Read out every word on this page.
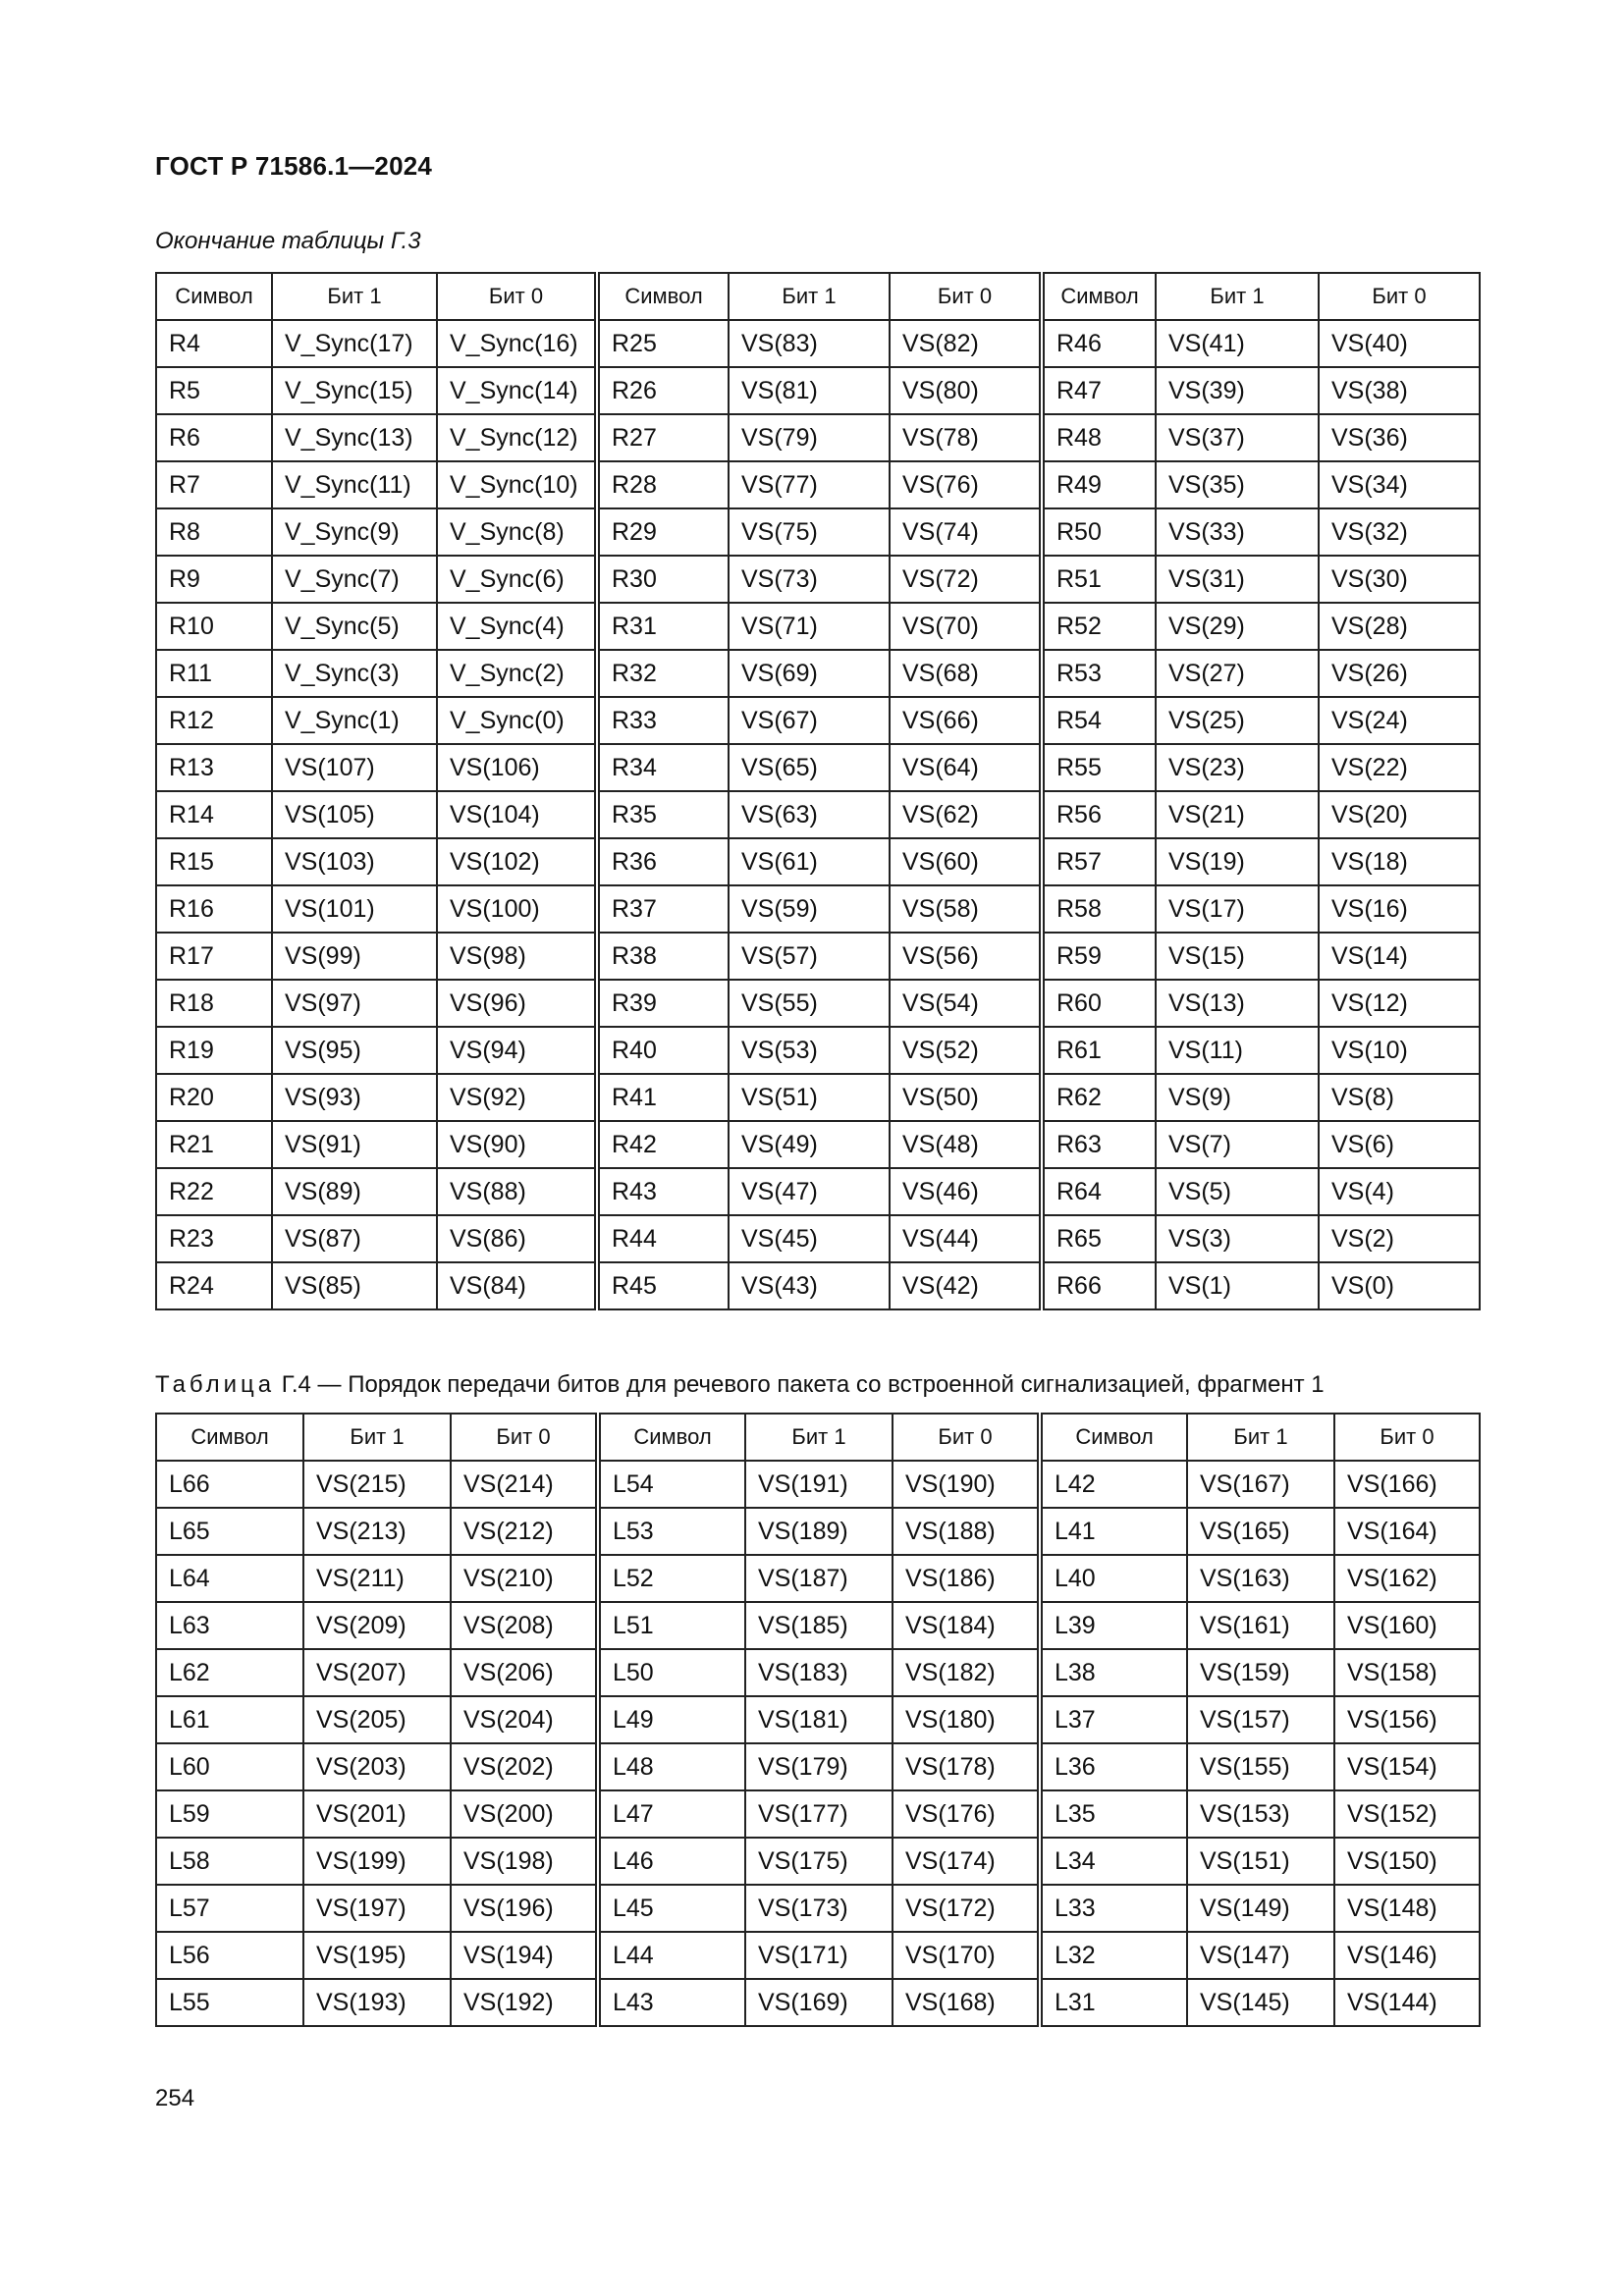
ГОСТ Р 71586.1—2024
Окончание таблицы Г.3
Символ	Бит 1	Бит 0	Символ	Бит 1	Бит 0	Символ	Бит 1	Бит 0
R4	V_Sync(17)	V_Sync(16)	R25	VS(83)	VS(82)	R46	VS(41)	VS(40)
R5	V_Sync(15)	V_Sync(14)	R26	VS(81)	VS(80)	R47	VS(39)	VS(38)
R6	V_Sync(13)	V_Sync(12)	R27	VS(79)	VS(78)	R48	VS(37)	VS(36)
R7	V_Sync(11)	V_Sync(10)	R28	VS(77)	VS(76)	R49	VS(35)	VS(34)
R8	V_Sync(9)	V_Sync(8)	R29	VS(75)	VS(74)	R50	VS(33)	VS(32)
R9	V_Sync(7)	V_Sync(6)	R30	VS(73)	VS(72)	R51	VS(31)	VS(30)
R10	V_Sync(5)	V_Sync(4)	R31	VS(71)	VS(70)	R52	VS(29)	VS(28)
R11	V_Sync(3)	V_Sync(2)	R32	VS(69)	VS(68)	R53	VS(27)	VS(26)
R12	V_Sync(1)	V_Sync(0)	R33	VS(67)	VS(66)	R54	VS(25)	VS(24)
R13	VS(107)	VS(106)	R34	VS(65)	VS(64)	R55	VS(23)	VS(22)
R14	VS(105)	VS(104)	R35	VS(63)	VS(62)	R56	VS(21)	VS(20)
R15	VS(103)	VS(102)	R36	VS(61)	VS(60)	R57	VS(19)	VS(18)
R16	VS(101)	VS(100)	R37	VS(59)	VS(58)	R58	VS(17)	VS(16)
R17	VS(99)	VS(98)	R38	VS(57)	VS(56)	R59	VS(15)	VS(14)
R18	VS(97)	VS(96)	R39	VS(55)	VS(54)	R60	VS(13)	VS(12)
R19	VS(95)	VS(94)	R40	VS(53)	VS(52)	R61	VS(11)	VS(10)
R20	VS(93)	VS(92)	R41	VS(51)	VS(50)	R62	VS(9)	VS(8)
R21	VS(91)	VS(90)	R42	VS(49)	VS(48)	R63	VS(7)	VS(6)
R22	VS(89)	VS(88)	R43	VS(47)	VS(46)	R64	VS(5)	VS(4)
R23	VS(87)	VS(86)	R44	VS(45)	VS(44)	R65	VS(3)	VS(2)
R24	VS(85)	VS(84)	R45	VS(43)	VS(42)	R66	VS(1)	VS(0)
Таблица Г.4 — Порядок передачи битов для речевого пакета со встроенной сигнализацией, фрагмент 1
Символ	Бит 1	Бит 0	Символ	Бит 1	Бит 0	Символ	Бит 1	Бит 0
L66	VS(215)	VS(214)	L54	VS(191)	VS(190)	L42	VS(167)	VS(166)
L65	VS(213)	VS(212)	L53	VS(189)	VS(188)	L41	VS(165)	VS(164)
L64	VS(211)	VS(210)	L52	VS(187)	VS(186)	L40	VS(163)	VS(162)
L63	VS(209)	VS(208)	L51	VS(185)	VS(184)	L39	VS(161)	VS(160)
L62	VS(207)	VS(206)	L50	VS(183)	VS(182)	L38	VS(159)	VS(158)
L61	VS(205)	VS(204)	L49	VS(181)	VS(180)	L37	VS(157)	VS(156)
L60	VS(203)	VS(202)	L48	VS(179)	VS(178)	L36	VS(155)	VS(154)
L59	VS(201)	VS(200)	L47	VS(177)	VS(176)	L35	VS(153)	VS(152)
L58	VS(199)	VS(198)	L46	VS(175)	VS(174)	L34	VS(151)	VS(150)
L57	VS(197)	VS(196)	L45	VS(173)	VS(172)	L33	VS(149)	VS(148)
L56	VS(195)	VS(194)	L44	VS(171)	VS(170)	L32	VS(147)	VS(146)
L55	VS(193)	VS(192)	L43	VS(169)	VS(168)	L31	VS(145)	VS(144)
254
